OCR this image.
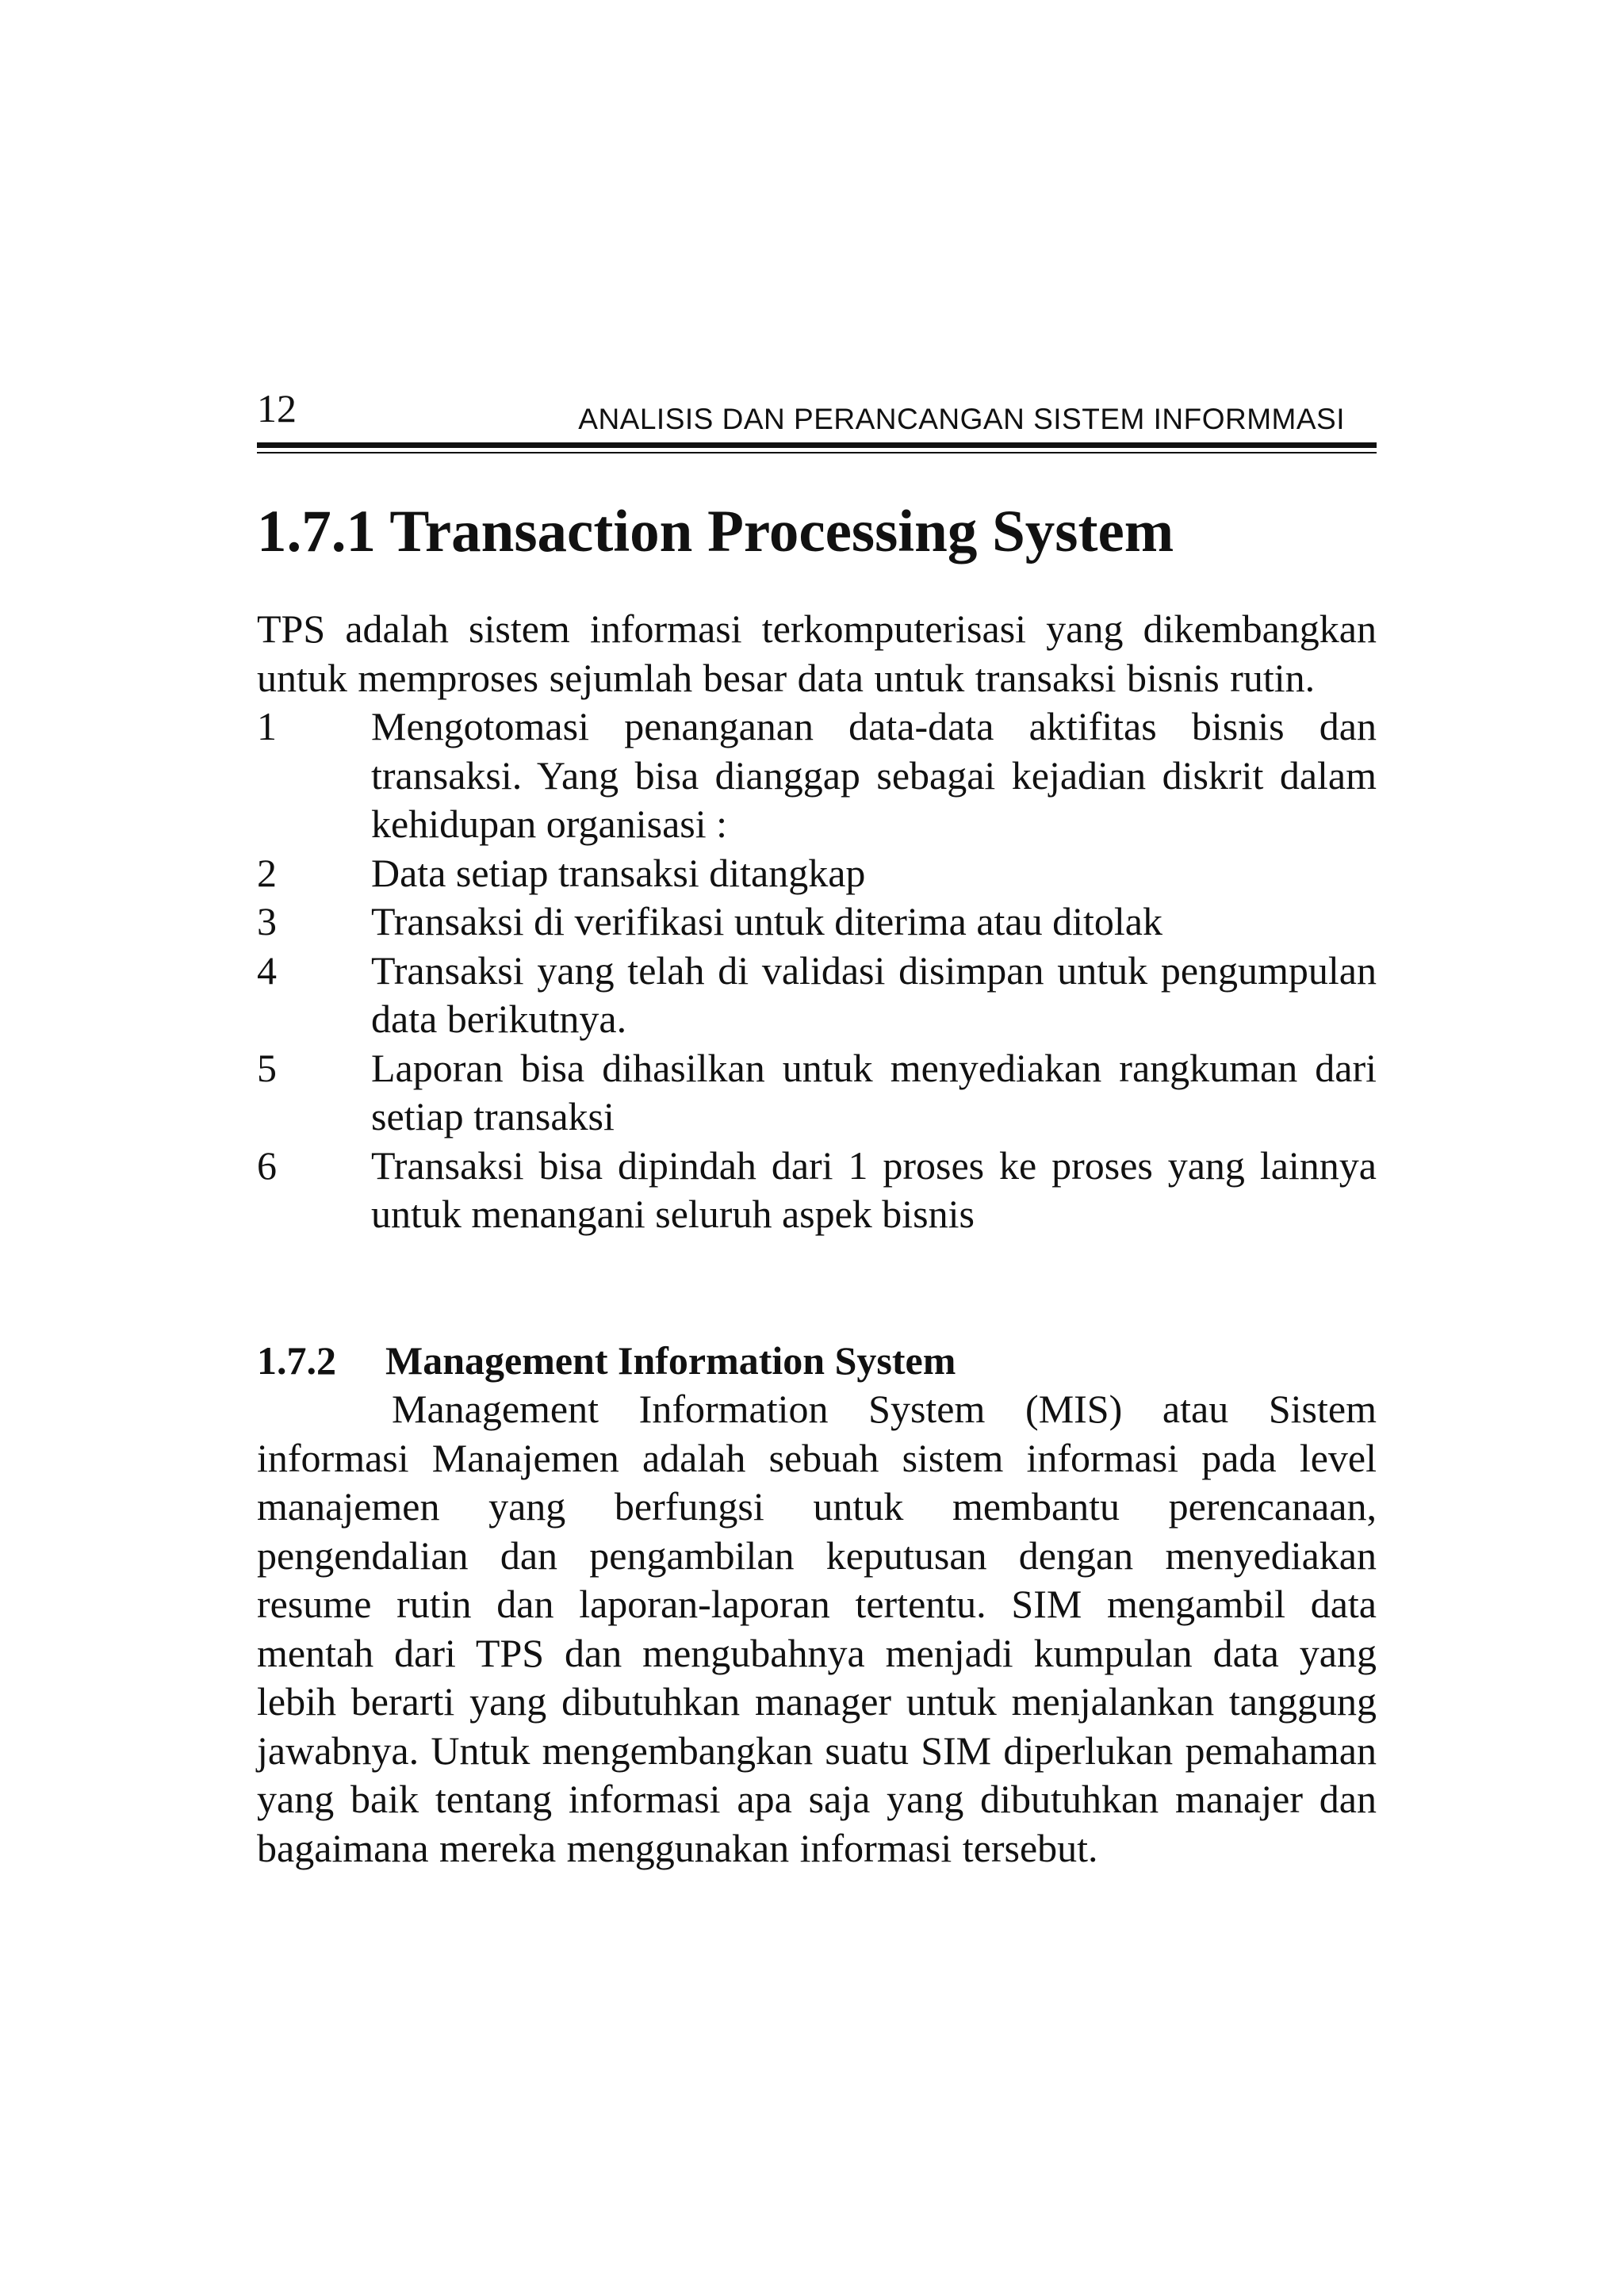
12	ANALISIS DAN PERANCANGAN SISTEM INFORMMASI
1.7.1 Transaction Processing System

TPS adalah sistem informasi terkomputerisasi yang dikembangkan untuk memproses sejumlah besar data untuk transaksi bisnis rutin.

1	Mengotomasi penanganan data-data aktifitas bisnis dan transaksi. Yang bisa dianggap sebagai kejadian diskrit dalam kehidupan organisasi :
2	Data setiap transaksi ditangkap
3	Transaksi di verifikasi untuk diterima atau ditolak
4	Transaksi yang telah di validasi disimpan untuk pengumpulan data berikutnya.
5	Laporan bisa dihasilkan untuk menyediakan rangkuman dari setiap transaksi
6	Transaksi bisa dipindah dari 1 proses ke proses yang lainnya untuk menangani seluruh aspek bisnis
1.7.2	Management Information System

Management Information System (MIS) atau Sistem informasi Manajemen adalah sebuah sistem informasi pada level manajemen yang berfungsi untuk membantu perencanaan, pengendalian dan pengambilan keputusan dengan menyediakan resume rutin dan laporan-laporan tertentu. SIM mengambil data mentah dari TPS dan mengubahnya menjadi kumpulan data yang lebih berarti yang dibutuhkan manager untuk menjalankan tanggung jawabnya. Untuk mengembangkan suatu SIM diperlukan pemahaman yang baik tentang informasi apa saja yang dibutuhkan manajer dan bagaimana mereka menggunakan informasi tersebut.
